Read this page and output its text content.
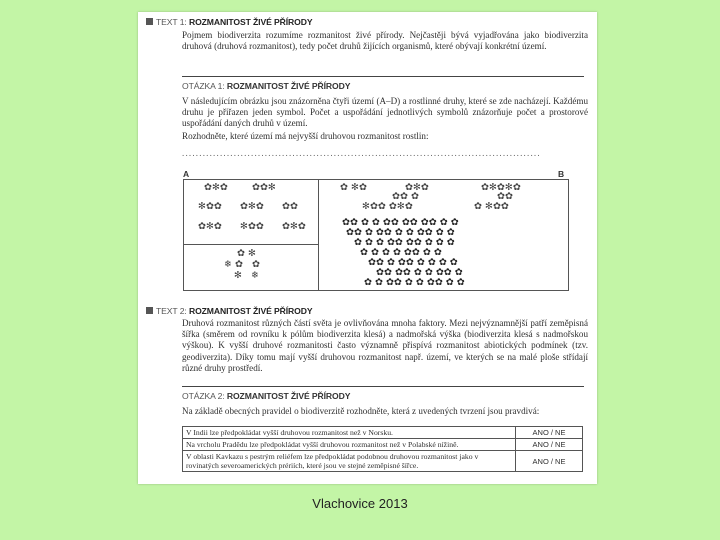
TEXT 1: ROZMANITOST ŽIVÉ PŘÍRODY
Pojmem biodiverzita rozumíme rozmanitost živé přírody. Nejčastěji bývá vyjadřována jako biodiverzita druhová (druhová rozmanitost), tedy počet druhů žijících organismů, které obývají konkrétní území.
OTÁZKA 1: ROZMANITOST ŽIVÉ PŘÍRODY
V následujícím obrázku jsou znázorněna čtyři území (A–D) a rostlinné druhy, které se zde nacházejí. Každému druhu je přiřazen jeden symbol. Počet a uspořádání jednotlivých symbolů znázorňuje počet a prostorové uspořádání daných druhů v území.
Rozhodněte, které území má nejvyšší druhovou rozmanitost rostlin:
........................................................................................................
A	B
✿✻✿	✿✿✻
✻✿✿ ✿✻✿ ✿✿
✿✻✿ ✻✿✿ ✿✻✿
✿ ✻
❄ ✿   ✿
✻   ❄
✿ ✻✿	✿✻✿	✿✻✿✻✿
✿✿ ✿	✿✿
✻✿✿ ✿✻✿	✿ ✻✿✿
✿✿ ✿ ✿ ✿✿ ✿✿ ✿✿ ✿ ✿
✿✿ ✿ ✿✿ ✿ ✿ ✿✿ ✿ ✿
✿ ✿ ✿ ✿✿ ✿✿ ✿ ✿ ✿
✿ ✿ ✿ ✿ ✿✿ ✿ ✿
✿✿ ✿ ✿✿ ✿ ✿ ✿ ✿
✿✿ ✿✿ ✿ ✿ ✿✿ ✿
✿ ✿ ✿✿ ✿ ✿ ✿✿ ✿ ✿
TEXT 2: ROZMANITOST ŽIVÉ PŘÍRODY
Druhová rozmanitost různých částí světa je ovlivňována mnoha faktory. Mezi nejvýznamnější patří zeměpisná šířka (směrem od rovníku k pólům biodiverzita klesá) a nadmořská výška (biodiverzita klesá s nadmořskou výškou). K vyšší druhové rozmanitosti často významně přispívá rozmanitost abiotických podmínek (tzv. geodiverzita). Díky tomu mají vyšší druhovou rozmanitost např. území, ve kterých se na malé ploše střídají různé druhy prostředí.
OTÁZKA 2: ROZMANITOST ŽIVÉ PŘÍRODY
Na základě obecných pravidel o biodiverzitě rozhodněte, která z uvedených tvrzení jsou pravdivá:
V Indii lze předpokládat vyšší druhovou rozmanitost než v Norsku.	ANO / NE
Na vrcholu Pradědu lze předpokládat vyšší druhovou rozmanitost než v Polabské nížině.	ANO / NE
V oblasti Kavkazu s pestrým reliéfem lze předpokládat podobnou druhovou rozmanitost jako v rovinatých severoamerických prériích, které jsou ve stejné zeměpisné šířce.	ANO / NE
Vlachovice 2013
